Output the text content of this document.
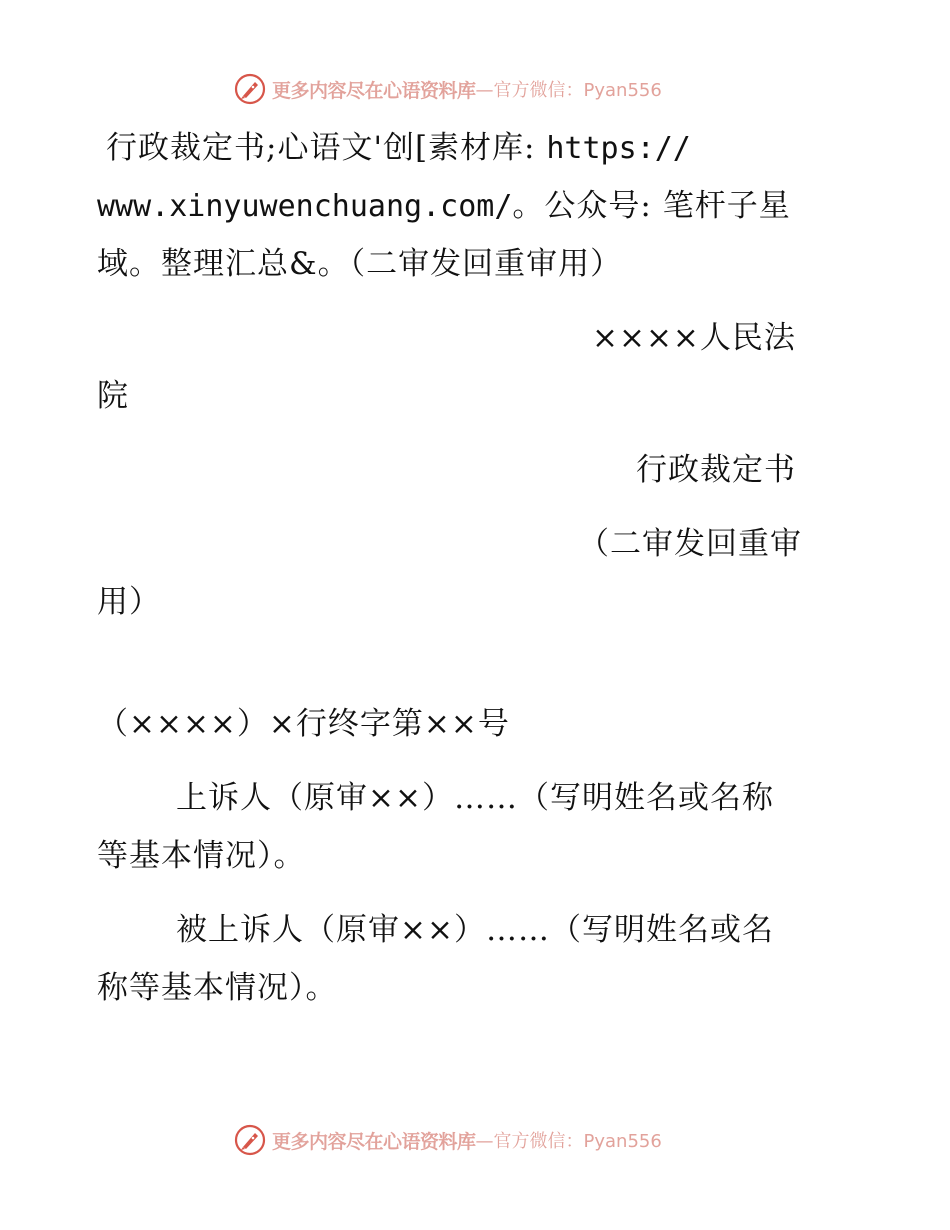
更多内容尽在心语资料库 —官方微信：Pyan556
行政裁定书;心语文'创[素材库: https://
www.xinyuwenchuang.com/。公众号: 笔杆子星
域。整理汇总&。（二审发回重审用）
××××人民法
院
行政裁定书
（二审发回重审
用）
（××××）×行终字第××号
上诉人（原审××）……（写明姓名或名称
等基本情况）。
被上诉人（原审××）……（写明姓名或名
称等基本情况）。
更多内容尽在心语资料库 —官方微信：Pyan556
